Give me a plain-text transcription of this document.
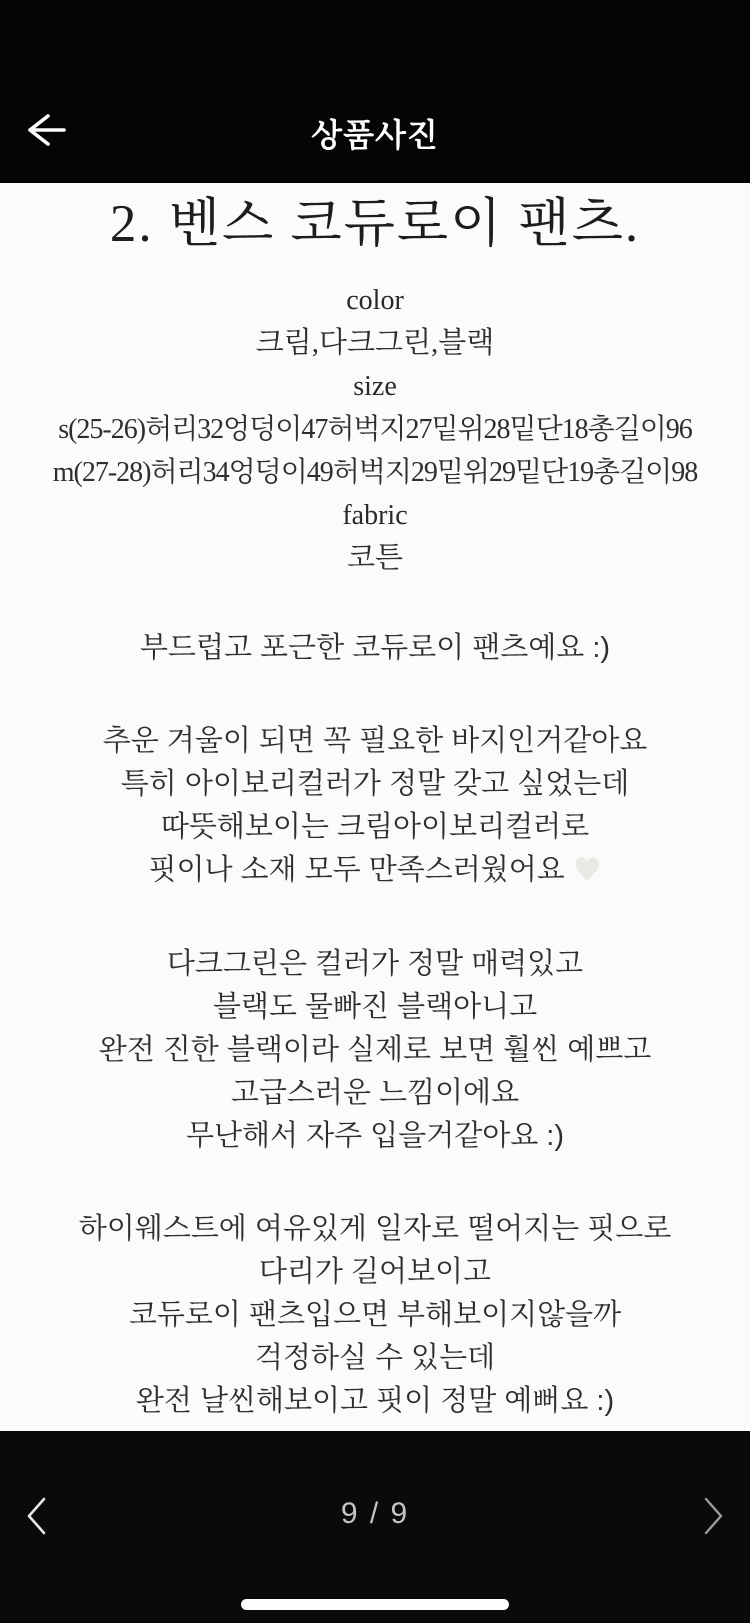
상품사진
2. 벤스 코듀로이 팬츠.
color
크림,다크그린,블랙
size
s(25-26)허리32엉덩이47허벅지27밑위28밑단18총길이96
m(27-28)허리34엉덩이49허벅지29밑위29밑단19총길이98
fabric
코튼
부드럽고 포근한 코듀로이 팬츠예요 :)
추운 겨울이 되면 꼭 필요한 바지인거같아요
특히 아이보리컬러가 정말 갖고 싶었는데
따뜻해보이는 크림아이보리컬러로
핏이나 소재 모두 만족스러웠어요 ♥
다크그린은 컬러가 정말 매력있고
블랙도 물빠진 블랙아니고
완전 진한 블랙이라 실제로 보면 훨씬 예쁘고
고급스러운 느낌이에요
무난해서 자주 입을거같아요 :)
하이웨스트에 여유있게 일자로 떨어지는 핏으로
다리가 길어보이고
코듀로이 팬츠입으면 부해보이지않을까
걱정하실 수 있는데
완전 날씬해보이고 핏이 정말 예뻐요 :)
9 / 9
